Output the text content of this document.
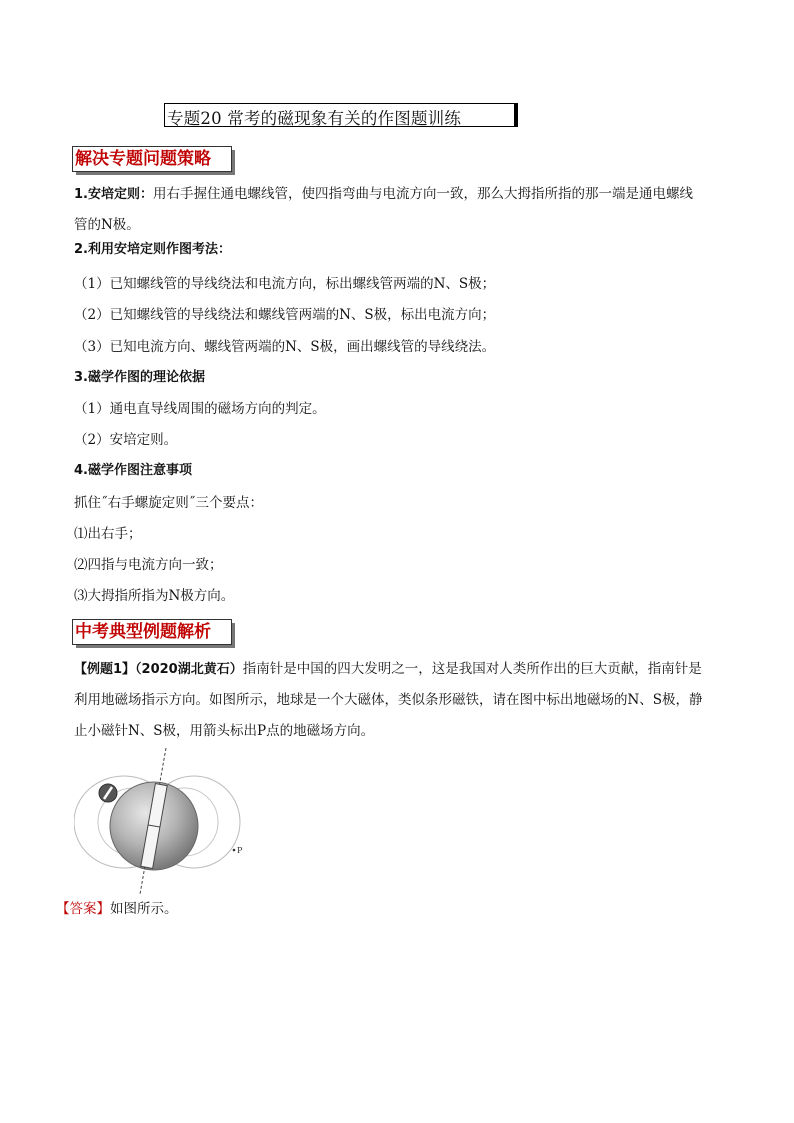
专题20 常考的磁现象有关的作图题训练
解决专题问题策略
1.安培定则：用右手握住通电螺线管，使四指弯曲与电流方向一致，那么大拇指所指的那一端是通电螺线
管的N极。
2.利用安培定则作图考法：
（1）已知螺线管的导线绕法和电流方向，标出螺线管两端的N、S极；
（2）已知螺线管的导线绕法和螺线管两端的N、S极，标出电流方向；
（3）已知电流方向、螺线管两端的N、S极，画出螺线管的导线绕法。
3.磁学作图的理论依据
（1）通电直导线周围的磁场方向的判定。
（2）安培定则。
4.磁学作图注意事项
抓住˝右手螺旋定则˝三个要点：
⑴出右手；
⑵四指与电流方向一致；
⑶大拇指所指为N极方向。
中考典型例题解析
【例题1】（2020湖北黄石）指南针是中国的四大发明之一，这是我国对人类所作出的巨大贡献，指南针是
利用地磁场指示方向。如图所示，地球是一个大磁体，类似条形磁铁，请在图中标出地磁场的N、S极，静
止小磁针N、S极，用箭头标出P点的地磁场方向。
P
【答案】如图所示。
